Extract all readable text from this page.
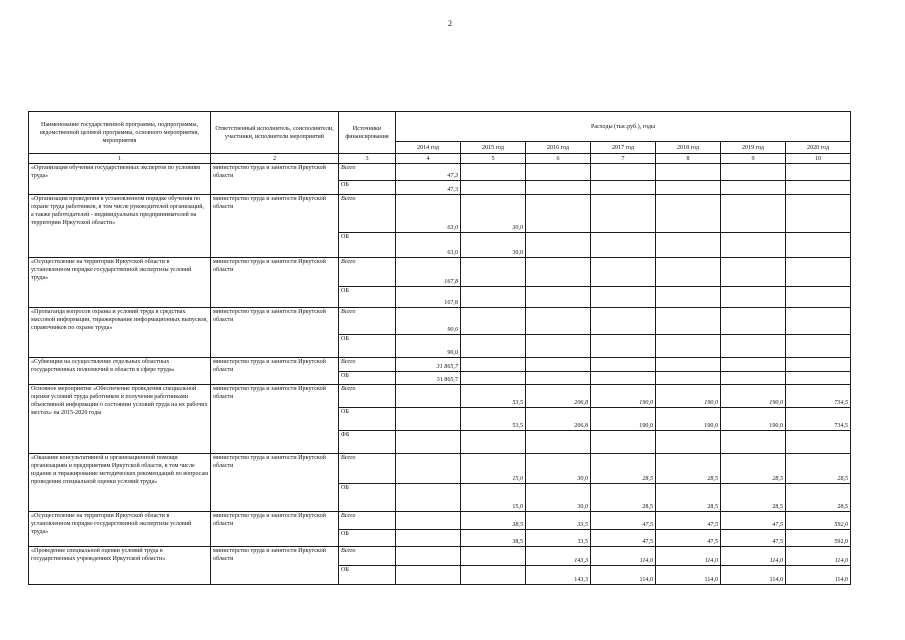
2
Наименование государственной программы, подпрограммы, ведомственной целевой программы, основного мероприятия, мероприятия	Ответственный исполнитель, соисполнители, участники, исполнители мероприятий	Источники финансирования	Расходы (тыс.руб.), годы						
			2014 год	2015 год	2016 год	2017 год	2018 год	2019 год	2020 год
1	2	3	4	5	6	7	8	9	10
«Организация обучения государственных экспертов по условиям труда»	министерство труда и занятости Иркутской области	Всего	47,3						
		ОБ	47,3						
«Организация проведения в установленном порядке обучения по охране труда работников, в том числе руководителей организаций, а также работодателей - индивидуальных предпринимателей на территории Иркутской области»	министерство труда и занятости Иркутской области	Всего	63,0	30,0					
		ОБ	63,0	30,0					
«Осуществление на территории Иркутской области в установленном порядке государственной экспертизы условий труда»	министерство труда и занятости Иркутской области	Всего	167,8						
		ОБ	167,8						
«Пропаганда вопросов охраны и условий труда в средствах массовой информации, тиражирование информационных выпусков, справочников по охране труда»	министерство труда и занятости Иркутской области	Всего	90,0						
		ОБ	90,0						
«Субвенции на осуществление отдельных областных государственных полномочий в области в сфере труда»	министерство труда и занятости Иркутской области	Всего	31 865,7						
		ОБ	31 865,7						
Основное мероприятие «Обеспечение проведения специальной оценки условий труда работников и получения работниками объективной информации о состоянии условий труда на их рабочих местах» на 2015-2020 годы	министерство труда и занятости Иркутской области	Всего		53,5	206,8	190,0	190,0	190,0	734,5
		ОБ		53,5	206,8	190,0	190,0	190,0	734,5
		ФБ							
«Оказание консультативной и организационной помощи организациям и предприятиям Иркутской области, в том числе издание и тиражирование методических рекомендаций по вопросам проведения специальной оценки условий труда»	министерство труда и занятости Иркутской области	Всего		15,0	30,0	28,5	28,5	28,5	28,5
		ОБ		15,0	30,0	28,5	28,5	28,5	28,5
«Осуществление на территории Иркутской области в установленном порядке государственной экспертизы условий труда»	министерство труда и занятости Иркутской области	Всего		38,5	33,5	47,5	47,5	47,5	592,0
		ОБ		38,5	33,5	47,5	47,5	47,5	592,0
«Проведение специальной оценки условий труда в государственных учреждениях Иркутской области»	министерство труда и занятости Иркутской области	Всего			143,3	114,0	114,0	114,0	114,0
		ОБ			143,3	114,0	114,0	114,0	114,0
